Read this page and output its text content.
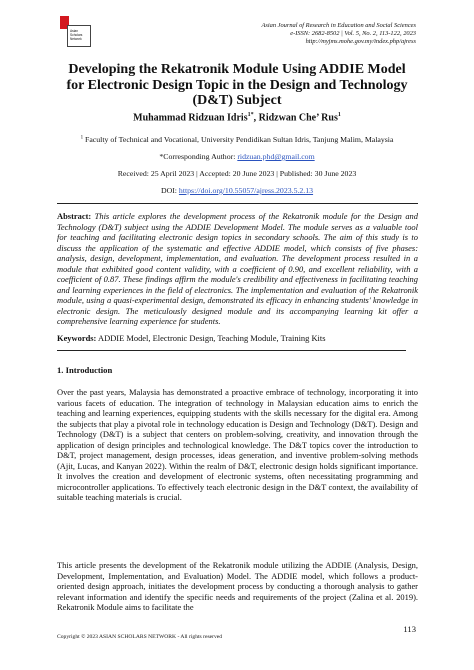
Asian
Scholars
Network
Asian Journal of Research in Education and Social Sciences
e-ISSN: 2682-8502 | Vol. 5, No. 2, 113-122, 2023
http://myjms.mohe.gov.my/index.php/ajress
Developing the Rekatronik Module Using ADDIE Model for Electronic Design Topic in the Design and Technology (D&T) Subject
Muhammad Ridzuan Idris$^{1*}$, Ridzwan Che’ Rus$^1$
$^1$ Faculty of Technical and Vocational, University Pendidikan Sultan Idris, Tanjung Malim, Malaysia
*Corresponding Author: ridzuan.phd@gmail.com
Received: 25 April 2023 | Accepted: 20 June 2023 | Published: 30 June 2023
DOI: https://doi.org/10.55057/ajress.2023.5.2.13
Abstract: This article explores the development process of the Rekatronik module for the Design and Technology (D&T) subject using the ADDIE Development Model. The module serves as a valuable tool for teaching and facilitating electronic design topics in secondary schools. The aim of this study is to discuss the application of the systematic and effective ADDIE model, which consists of five phases: analysis, design, development, implementation, and evaluation. The development process resulted in a module that exhibited good content validity, with a coefficient of 0.90, and excellent reliability, with a coefficient of 0.87. These findings affirm the module's credibility and effectiveness in facilitating teaching and learning experiences in the field of electronics. The implementation and evaluation of the Rekatronik module, using a quasi-experimental design, demonstrated its efficacy in enhancing students' knowledge in electronic design. The meticulously designed module and its accompanying learning kit offer a comprehensive learning experience for students.
Keywords: ADDIE Model, Electronic Design, Teaching Module, Training Kits
1. Introduction
Over the past years, Malaysia has demonstrated a proactive embrace of technology, incorporating it into various facets of education. The integration of technology in Malaysian education aims to enrich the teaching and learning experiences, equipping students with the skills necessary for the digital era. Among the subjects that play a pivotal role in technology education is Design and Technology (D&T). Design and Technology (D&T) is a subject that centers on problem-solving, creativity, and innovation through the application of design principles and technological knowledge. The D&T topics cover the introduction to D&T, project management, design processes, ideas generation, and inventive problem-solving methods (Ajit, Lucas, and Kanyan 2022). Within the realm of D&T, electronic design holds significant importance. It involves the creation and development of electronic systems, often necessitating programming and microcontroller applications. To effectively teach electronic design in the D&T context, the availability of suitable teaching materials is crucial.
This article presents the development of the Rekatronik module utilizing the ADDIE (Analysis, Design, Development, Implementation, and Evaluation) Model. The ADDIE model, which follows a product-oriented design approach, initiates the development process by conducting a thorough analysis to gather relevant information and identify the specific needs and requirements of the project (Zalina et al. 2019). Rekatronik Module aims to facilitate the
113
Copyright © 2023 ASIAN SCHOLARS NETWORK - All rights reserved
